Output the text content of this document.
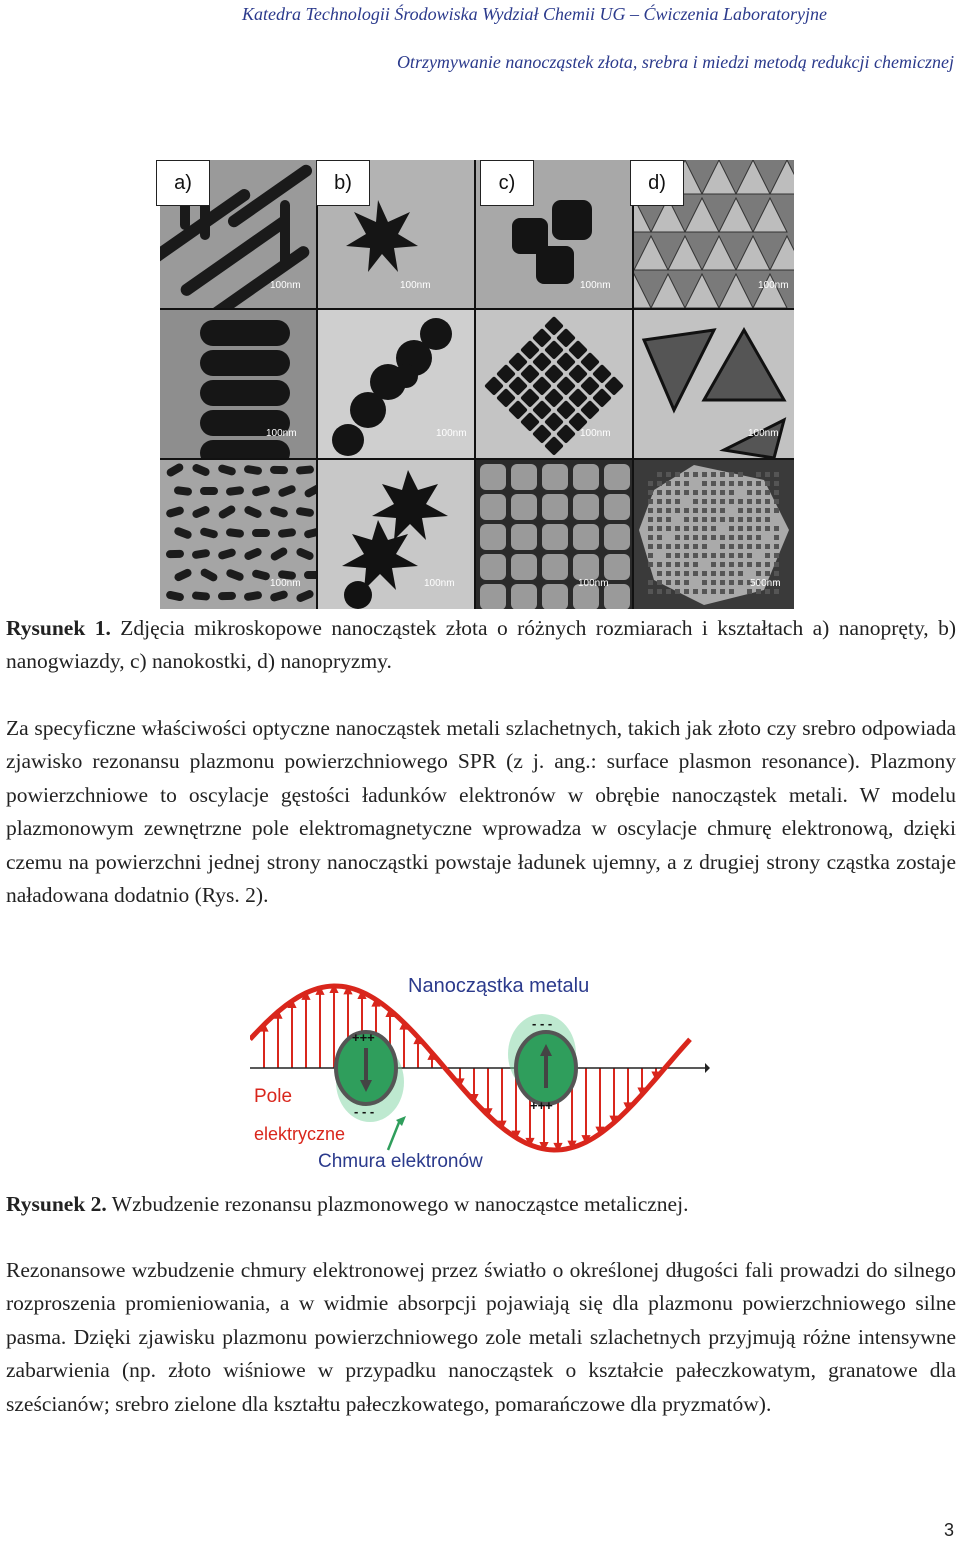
Katedra Technologii Środowiska Wydział Chemii UG – Ćwiczenia Laboratoryjne
Otrzymywanie nanocząstek złota, srebra i miedzi metodą redukcji chemicznej
a)	b)	c)	d)
100nm	100nm	100nm	100nm
100nm	100nm	100nm	100nm
100nm	100nm	100nm	500nm

Rysunek 1. Zdjęcia mikroskopowe nanocząstek złota o różnych rozmiarach i kształtach a) nanopręty, b) nanogwiazdy, c) nanokostki, d) nanopryzmy.

Za specyficzne właściwości optyczne nanocząstek metali szlachetnych, takich jak złoto czy srebro odpowiada zjawisko rezonansu plazmonu powierzchniowego SPR (z j. ang.: surface plasmon resonance). Plazmony powierzchniowe to oscylacje gęstości ładunków elektronów w obrębie nanocząstek metali. W modelu plazmonowym zewnętrzne pole elektromagnetyczne wprowadza w oscylacje chmurę elektronową, dzięki czemu na powierzchni jednej strony nanocząstki powstaje ładunek ujemny, a z drugiej strony cząstka zostaje naładowana dodatnio (Rys. 2).

+++
- - -
- - -
+++
Nanocząstka metalu
Pole
elektryczne
Chmura elektronów

Rysunek 2. Wzbudzenie rezonansu plazmonowego w nanocząstce metalicznej.

Rezonansowe wzbudzenie chmury elektronowej przez światło o określonej długości fali prowadzi do silnego rozproszenia promieniowania, a w widmie absorpcji pojawiają się dla plazmonu powierzchniowego silne pasma. Dzięki zjawisku plazmonu powierzchniowego zole metali szlachetnych przyjmują różne intensywne zabarwienia (np. złoto wiśniowe w przypadku nanocząstek o kształcie pałeczkowatym, granatowe dla sześcianów; srebro zielone dla kształtu pałeczkowatego, pomarańczowe dla pryzmatów).

3
